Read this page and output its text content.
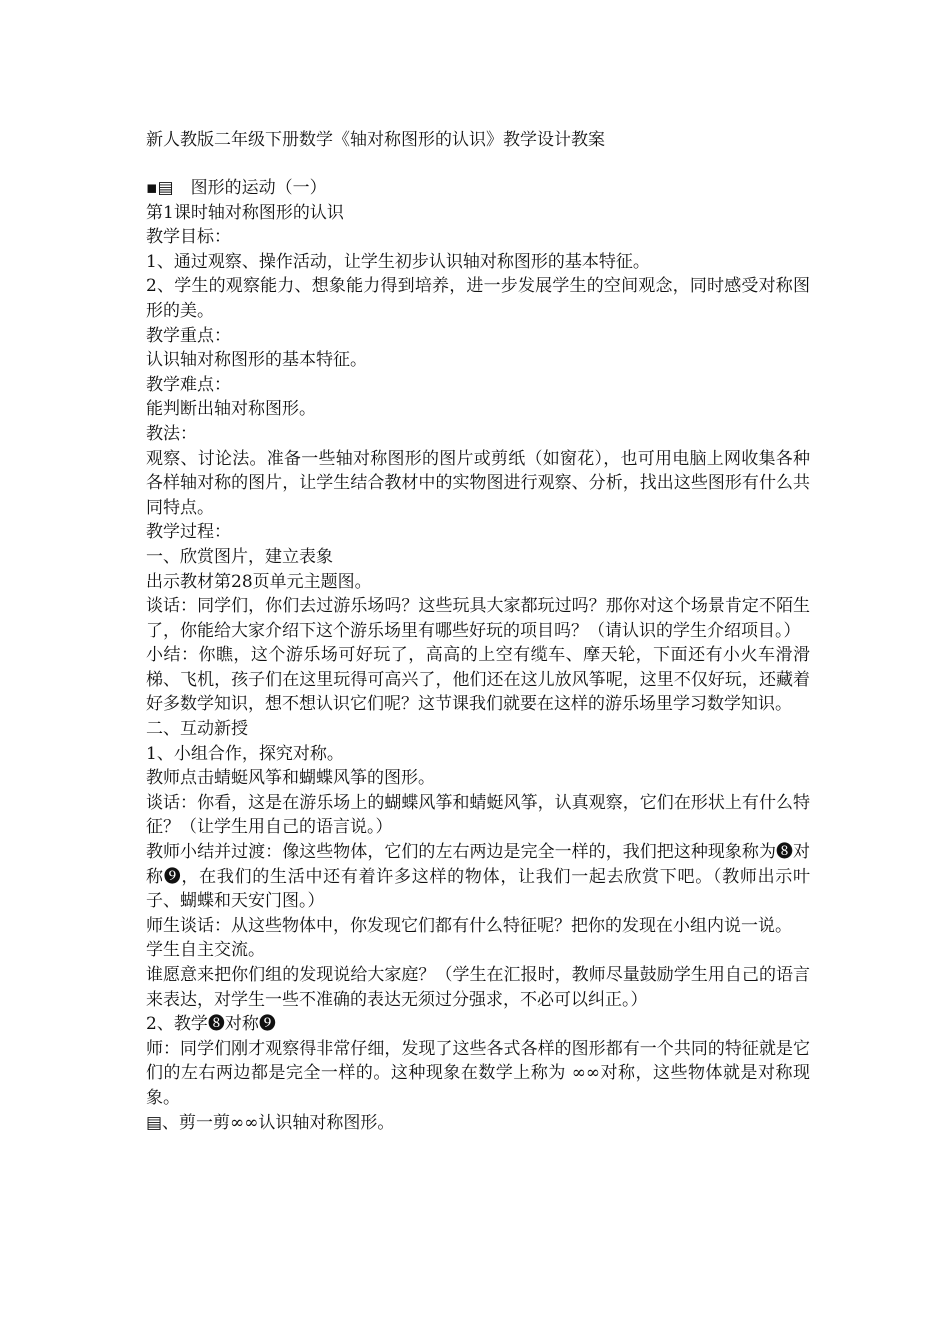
新人教版二年级下册数学《轴对称图形的认识》教学设计教案
▪▤　图形的运动（一）
第1课时轴对称图形的认识
教学目标：
1、通过观察、操作活动，让学生初步认识轴对称图形的基本特征。

2、学生的观察能力、想象能力得到培养，进一步发展学生的空间观念，同时感受对称图形的美。

教学重点：
认识轴对称图形的基本特征。
教学难点：
能判断出轴对称图形。
教法：

观察、讨论法。准备一些轴对称图形的图片或剪纸（如窗花），也可用电脑上网收集各种各样轴对称的图片，让学生结合教材中的实物图进行观察、分析，找出这些图形有什么共同特点。

教学过程：
一、欣赏图片，建立表象
出示教材第28页单元主题图。

谈话：同学们，你们去过游乐场吗？这些玩具大家都玩过吗？那你对这个场景肯定不陌生了，你能给大家介绍下这个游乐场里有哪些好玩的项目吗？（请认识的学生介绍项目。）

小结：你瞧，这个游乐场可好玩了，高高的上空有缆车、摩天轮，下面还有小火车滑滑梯、飞机，孩子们在这里玩得可高兴了，他们还在这儿放风筝呢，这里不仅好玩，还藏着好多数学知识，想不想认识它们呢？这节课我们就要在这样的游乐场里学习数学知识。

二、互动新授
1、小组合作，探究对称。
教师点击蜻蜓风筝和蝴蝶风筝的图形。

谈话：你看，这是在游乐场上的蝴蝶风筝和蜻蜓风筝，认真观察，它们在形状上有什么特征？（让学生用自己的语言说。）

教师小结并过渡：像这些物体，它们的左右两边是完全一样的，我们把这种现象称为❽对称❾，在我们的生活中还有着许多这样的物体，让我们一起去欣赏下吧。（教师出示叶子、蝴蝶和天安门图。）

师生谈话：从这些物体中，你发现它们都有什么特征呢？把你的发现在小组内说一说。

学生自主交流。

谁愿意来把你们组的发现说给大家庭？（学生在汇报时，教师尽量鼓励学生用自己的语言来表达，对学生一些不准确的表达无须过分强求，不必可以纠正。）

2、教学❽对称❾

师：同学们刚才观察得非常仔细，发现了这些各式各样的图形都有一个共同的特征就是它们的左右两边都是完全一样的。这种现象在数学上称为 ∞∞对称，这些物体就是对称现象。

▤、剪一剪∞∞认识轴对称图形。
